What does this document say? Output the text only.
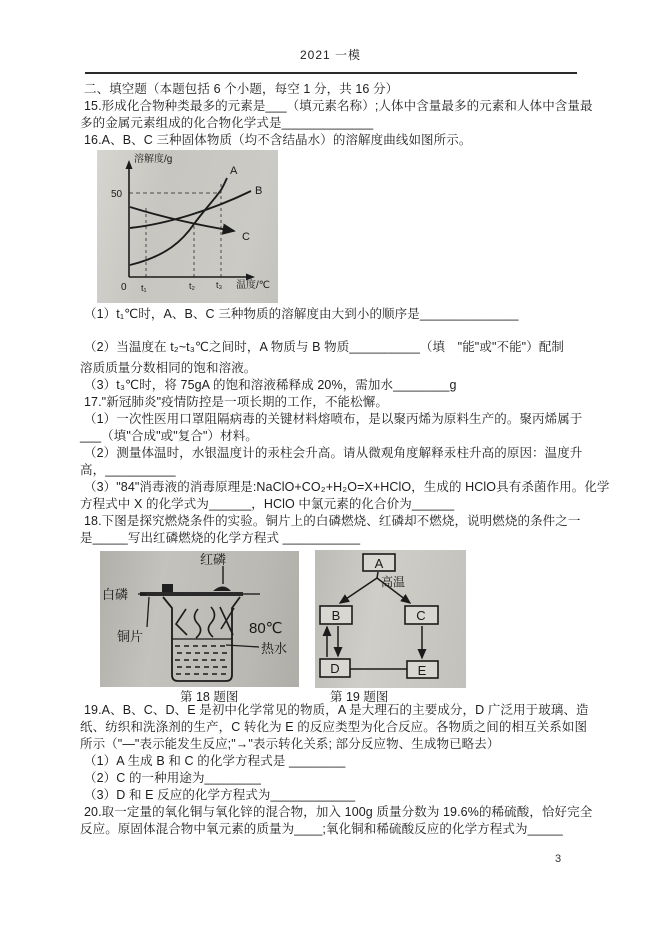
2021 一模
二、填空题（本题包括 6 个小题，每空 1 分，共 16 分）
15.形成化合物种类最多的元素是___（填元素名称）;人体中含量最多的元素和人体中含量最
多的金属元素组成的化合物化学式是_____________
16.A、B、C 三种固体物质（均不含结晶水）的溶解度曲线如图所示。
（1）t₁℃时，A、B、C 三种物质的溶解度由大到小的顺序是______________
（2）当温度在 t₂~t₃℃之间时，A 物质与 B 物质__________（填　"能"或"不能"）配制
溶质质量分数相同的饱和溶液。
（3）t₃℃时，将 75gA 的饱和溶液稀释成 20%，需加水________g
17."新冠肺炎"疫情防控是一项长期的工作，不能松懈。
（1）一次性医用口罩阻隔病毒的关键材料熔喷布，是以聚丙烯为原料生产的。聚丙烯属于
___（填"合成"或"复合"）材料。
（2）测量体温时，水银温度计的汞柱会升高。请从微观角度解释汞柱升高的原因：温度升
高，__________
（3）"84"消毒液的消毒原理是:NaClO+CO₂+H₂O=X+HClO，生成的 HClO具有杀菌作用。化学
方程式中 X 的化学式为______，HClO 中氯元素的化合价为______
18.下图是探究燃烧条件的实验。铜片上的白磷燃烧、红磷却不燃烧，说明燃烧的条件之一
是_____写出红磷燃烧的化学方程式 ___________
19.A、B、C、D、E 是初中化学常见的物质，A 是大理石的主要成分，D 广泛用于玻璃、造
纸、纺织和洗涤剂的生产，C 转化为 E 的反应类型为化合反应。各物质之间的相互关系如图
所示（"—"表示能发生反应;"→"表示转化关系; 部分反应物、生成物已略去）
（1）A 生成 B 和 C 的化学方程式是 ________
（2）C 的一种用途为________
（3）D 和 E 反应的化学方程式为____________
20.取一定量的氧化铜与氧化锌的混合物，加入 100g 质量分数为 19.6%的稀硫酸，恰好完全
反应。原固体混合物中氧元素的质量为____;氧化铜和稀硫酸反应的化学方程式为_____
溶解度/g
温度/℃
50
0 t₁	t₂ t₃
A
B
C
红磷
白磷
铜片	80℃
热水
A
B	C
D	E
高温
第 18 题图	第 19 题图
3
